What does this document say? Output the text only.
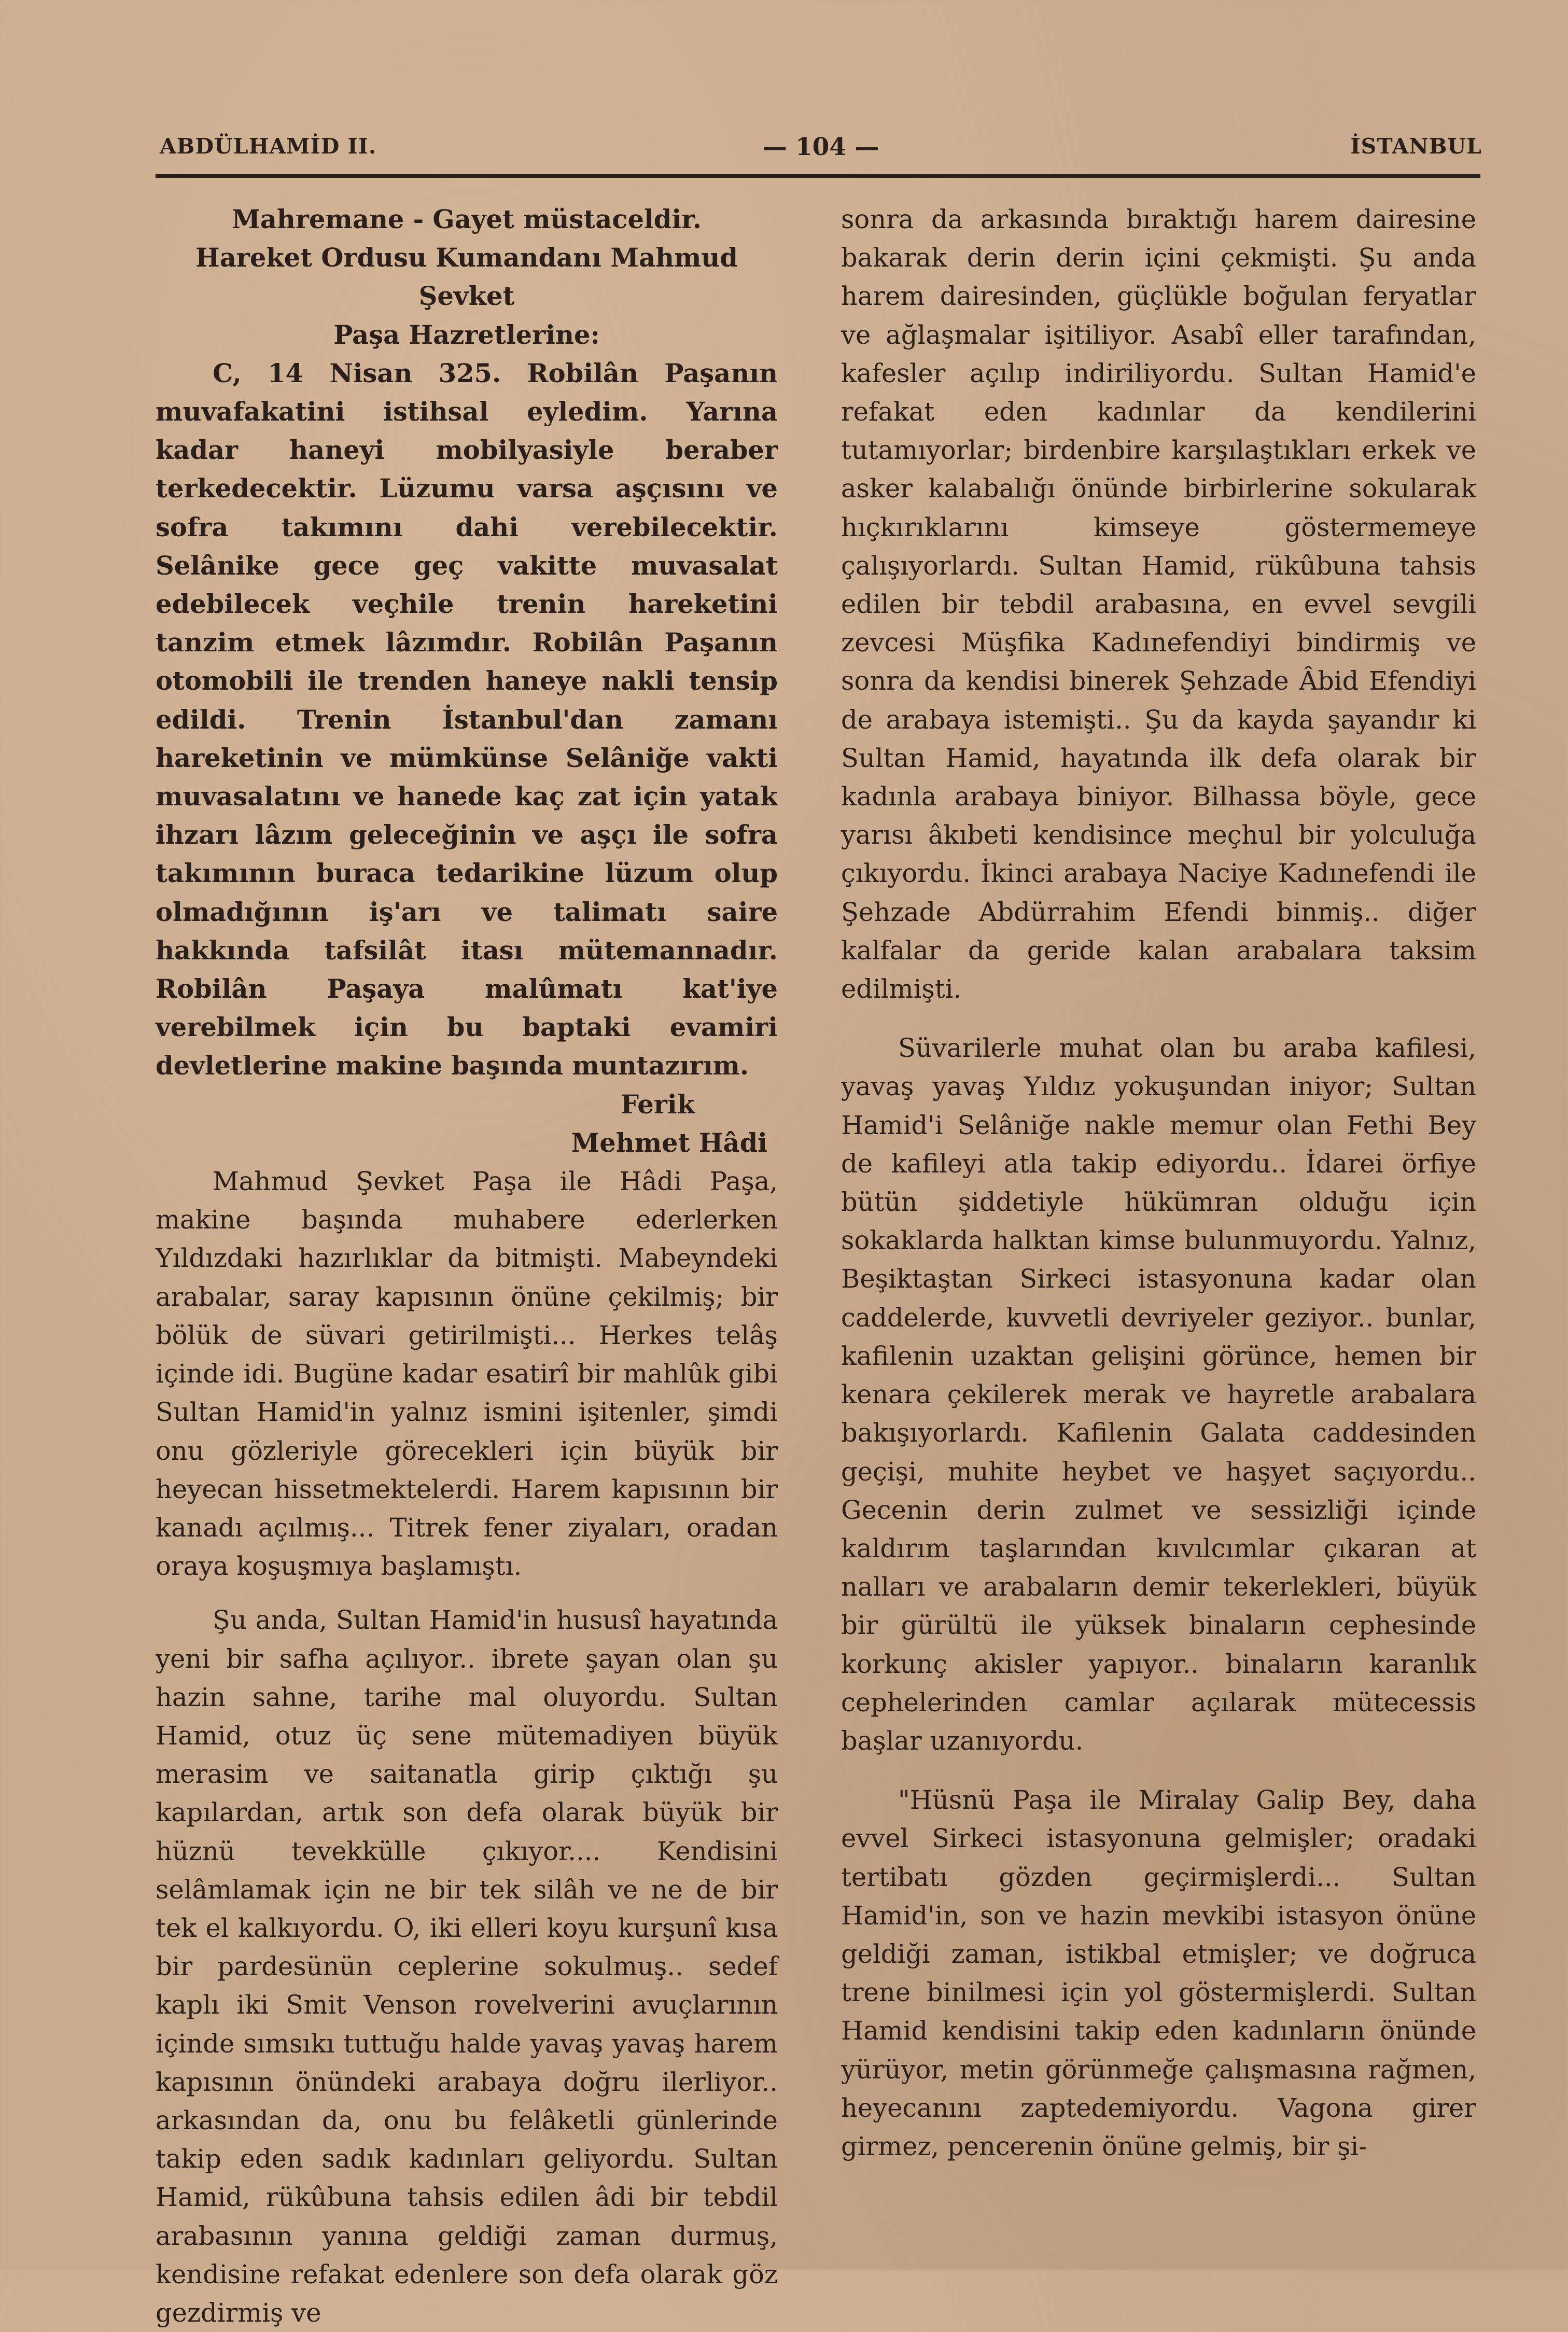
ABDÜLHAMİD II.	— 104 —	İSTANBUL

Mahremane - Gayet müstaceldir.

Hareket Ordusu Kumandanı Mahmud Şevket

Paşa Hazretlerine:

C, 14 Nisan 325. Robilân Paşanın muvafakatini istihsal eyledim. Yarına kadar haneyi mobilyasiyle beraber terkedecektir. Lüzumu varsa aşçısını ve sofra takımını dahi verebilecektir. Selânike gece geç vakitte muvasalat edebilecek veçhile trenin hareketini tanzim etmek lâzımdır. Robilân Paşanın otomobili ile trenden haneye nakli tensip edildi. Trenin İstanbul'dan zamanı hareketinin ve mümkünse Selâniğe vakti muvasalatını ve hanede kaç zat için yatak ihzarı lâzım geleceğinin ve aşçı ile sofra takımının buraca tedarikine lüzum olup olmadığının iş'arı ve talimatı saire hakkında tafsilât itası mütemannadır. Robilân Paşaya malûmatı kat'iye verebilmek için bu baptaki evamiri devletlerine makine başında muntazırım.

Ferik

Mehmet Hâdi

Mahmud Şevket Paşa ile Hâdi Paşa, makine başında muhabere ederlerken Yıldızdaki hazırlıklar da bitmişti. Mabeyndeki arabalar, saray kapısının önüne çekilmiş; bir bölük de süvari getirilmişti... Herkes telâş içinde idi. Bugüne kadar esatirî bir mahlûk gibi Sultan Hamid'in yalnız ismini işitenler, şimdi onu gözleriyle görecekleri için büyük bir heyecan hissetmektelerdi. Harem kapısının bir kanadı açılmış... Titrek fener ziyaları, oradan oraya koşuşmıya başlamıştı.

Şu anda, Sultan Hamid'in hususî hayatında yeni bir safha açılıyor.. ibrete şayan olan şu hazin sahne, tarihe mal oluyordu. Sultan Hamid, otuz üç sene mütemadiyen büyük merasim ve saitanatla girip çıktığı şu kapılardan, artık son defa olarak büyük bir hüznü tevekkülle çıkıyor.... Kendisini selâmlamak için ne bir tek silâh ve ne de bir tek el kalkıyordu. O, iki elleri koyu kurşunî kısa bir pardesünün ceplerine sokulmuş.. sedef kaplı iki Smit Venson rovelverini avuçlarının içinde sımsıkı tuttuğu halde yavaş yavaş harem kapısının önündeki arabaya doğru ilerliyor.. arkasından da, onu bu felâketli günlerinde takip eden sadık kadınları geliyordu. Sultan Hamid, rükûbuna tahsis edilen âdi bir tebdil arabasının yanına geldiği zaman durmuş, kendisine refakat edenlere son defa olarak göz gezdirmiş ve

sonra da arkasında bıraktığı harem dairesine bakarak derin derin içini çekmişti. Şu anda harem dairesinden, güçlükle boğulan feryatlar ve ağlaşmalar işitiliyor. Asabî eller tarafından, kafesler açılıp indiriliyordu. Sultan Hamid'e refakat eden kadınlar da kendilerini tutamıyorlar; birdenbire karşılaştıkları erkek ve asker kalabalığı önünde birbirlerine sokularak hıçkırıklarını kimseye göstermemeye çalışıyorlardı. Sultan Hamid, rükûbuna tahsis edilen bir tebdil arabasına, en evvel sevgili zevcesi Müşfika Kadınefendiyi bindirmiş ve sonra da kendisi binerek Şehzade Âbid Efendiyi de arabaya istemişti.. Şu da kayda şayandır ki Sultan Hamid, hayatında ilk defa olarak bir kadınla arabaya biniyor. Bilhassa böyle, gece yarısı âkıbeti kendisince meçhul bir yolculuğa çıkıyordu. İkinci arabaya Naciye Kadınefendi ile Şehzade Abdürrahim Efendi binmiş.. diğer kalfalar da geride kalan arabalara taksim edilmişti.

Süvarilerle muhat olan bu araba kafilesi, yavaş yavaş Yıldız yokuşundan iniyor; Sultan Hamid'i Selâniğe nakle memur olan Fethi Bey de kafileyi atla takip ediyordu.. İdarei örfiye bütün şiddetiyle hükümran olduğu için sokaklarda halktan kimse bulunmuyordu. Yalnız, Beşiktaştan Sirkeci istasyonuna kadar olan caddelerde, kuvvetli devriyeler geziyor.. bunlar, kafilenin uzaktan gelişini görünce, hemen bir kenara çekilerek merak ve hayretle arabalara bakışıyorlardı. Kafilenin Galata caddesinden geçişi, muhite heybet ve haşyet saçıyordu.. Gecenin derin zulmet ve sessizliği içinde kaldırım taşlarından kıvılcımlar çıkaran at nalları ve arabaların demir tekerlekleri, büyük bir gürültü ile yüksek binaların cephesinde korkunç akisler yapıyor.. binaların karanlık cephelerinden camlar açılarak mütecessis başlar uzanıyordu.

"Hüsnü Paşa ile Miralay Galip Bey, daha evvel Sirkeci istasyonuna gelmişler; oradaki tertibatı gözden geçirmişlerdi... Sultan Hamid'in, son ve hazin mevkibi istasyon önüne geldiği zaman, istikbal etmişler; ve doğruca trene binilmesi için yol göstermişlerdi. Sultan Hamid kendisini takip eden kadınların önünde yürüyor, metin görünmeğe çalışmasına rağmen, heyecanını zaptedemiyordu. Vagona girer girmez, pencerenin önüne gelmiş, bir şi-
